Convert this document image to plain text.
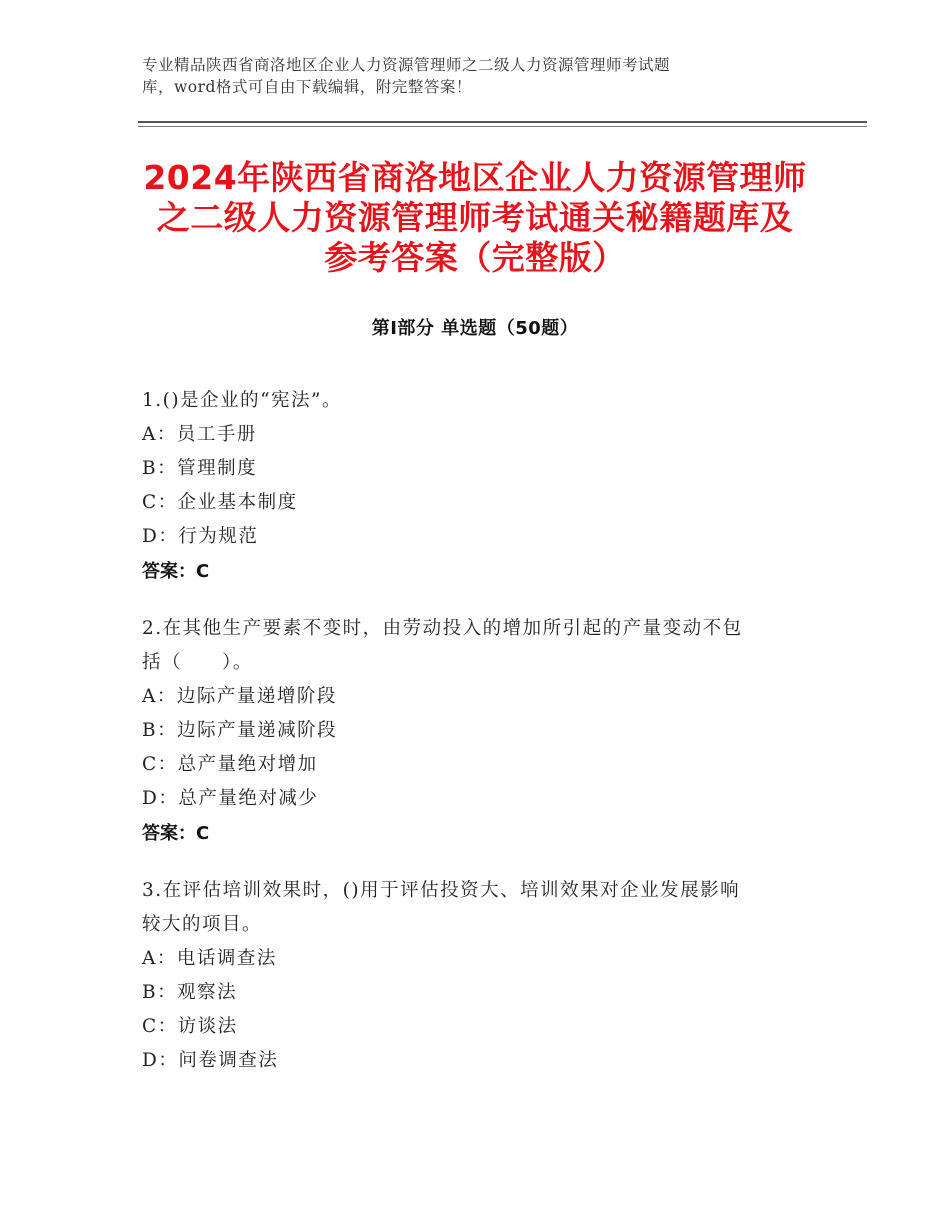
专业精品陕西省商洛地区企业人力资源管理师之二级人力资源管理师考试题
库，word格式可自由下载编辑，附完整答案！
2024年陕西省商洛地区企业人力资源管理师
之二级人力资源管理师考试通关秘籍题库及
参考答案（完整版）
第Ⅰ部分 单选题（50题）
1.()是企业的“宪法”。
A：员工手册
B：管理制度
C：企业基本制度
D：行为规范
答案：C
2.在其他生产要素不变时，由劳动投入的增加所引起的产量变动不包
括（　　）。
A：边际产量递增阶段
B：边际产量递减阶段
C：总产量绝对增加
D：总产量绝对减少
答案：C
3.在评估培训效果时，()用于评估投资大、培训效果对企业发展影响
较大的项目。
A：电话调查法
B：观察法
C：访谈法
D：问卷调查法
